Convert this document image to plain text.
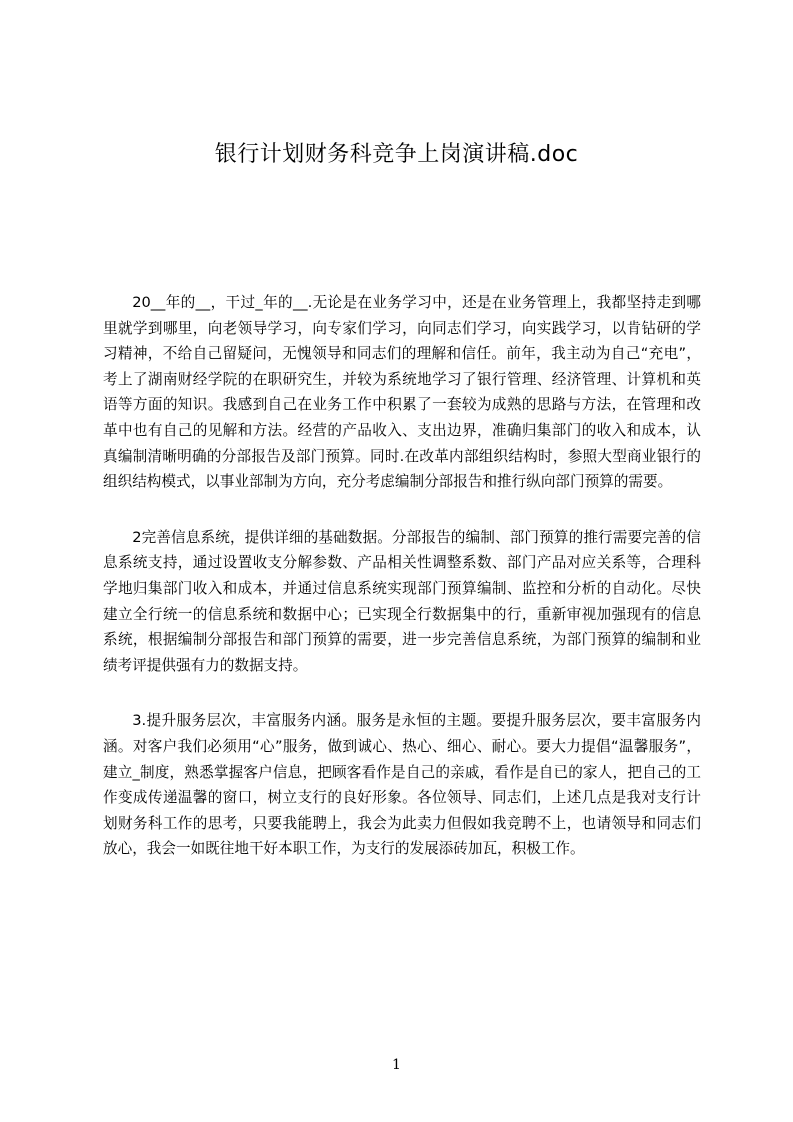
银行计划财务科竞争上岗演讲稿.doc

20__年的__，干过_年的__.无论是在业务学习中，还是在业务管理上，我都坚持走到哪里就学到哪里，向老领导学习，向专家们学习，向同志们学习，向实践学习，以肯钻研的学习精神，不给自己留疑问，无愧领导和同志们的理解和信任。前年，我主动为自己“充电”，考上了湖南财经学院的在职研究生，并较为系统地学习了银行管理、经济管理、计算机和英语等方面的知识。我感到自己在业务工作中积累了一套较为成熟的思路与方法，在管理和改革中也有自己的见解和方法。经营的产品收入、支出边界，准确归集部门的收入和成本，认真编制清晰明确的分部报告及部门预算。同时.在改革内部组织结构时，参照大型商业银行的组织结构模式，以事业部制为方向，充分考虑编制分部报告和推行纵向部门预算的需要。

2完善信息系统，提供详细的基础数据。分部报告的编制、部门预算的推行需要完善的信息系统支持，通过设置收支分解参数、产品相关性调整系数、部门产品对应关系等，合理科学地归集部门收入和成本，并通过信息系统实现部门预算编制、监控和分析的自动化。尽快建立全行统一的信息系统和数据中心；已实现全行数据集中的行，重新审视加强现有的信息系统，根据编制分部报告和部门预算的需要，进一步完善信息系统，为部门预算的编制和业绩考评提供强有力的数据支持。

3.提升服务层次，丰富服务内涵。服务是永恒的主题。要提升服务层次，要丰富服务内涵。对客户我们必须用“心”服务，做到诚心、热心、细心、耐心。要大力提倡“温馨服务”，建立_制度，熟悉掌握客户信息，把顾客看作是自己的亲戚，看作是自已的家人，把自己的工作变成传递温馨的窗口，树立支行的良好形象。各位领导、同志们，上述几点是我对支行计划财务科工作的思考，只要我能聘上，我会为此卖力但假如我竞聘不上，也请领导和同志们放心，我会一如既往地干好本职工作，为支行的发展添砖加瓦，积极工作。

1
